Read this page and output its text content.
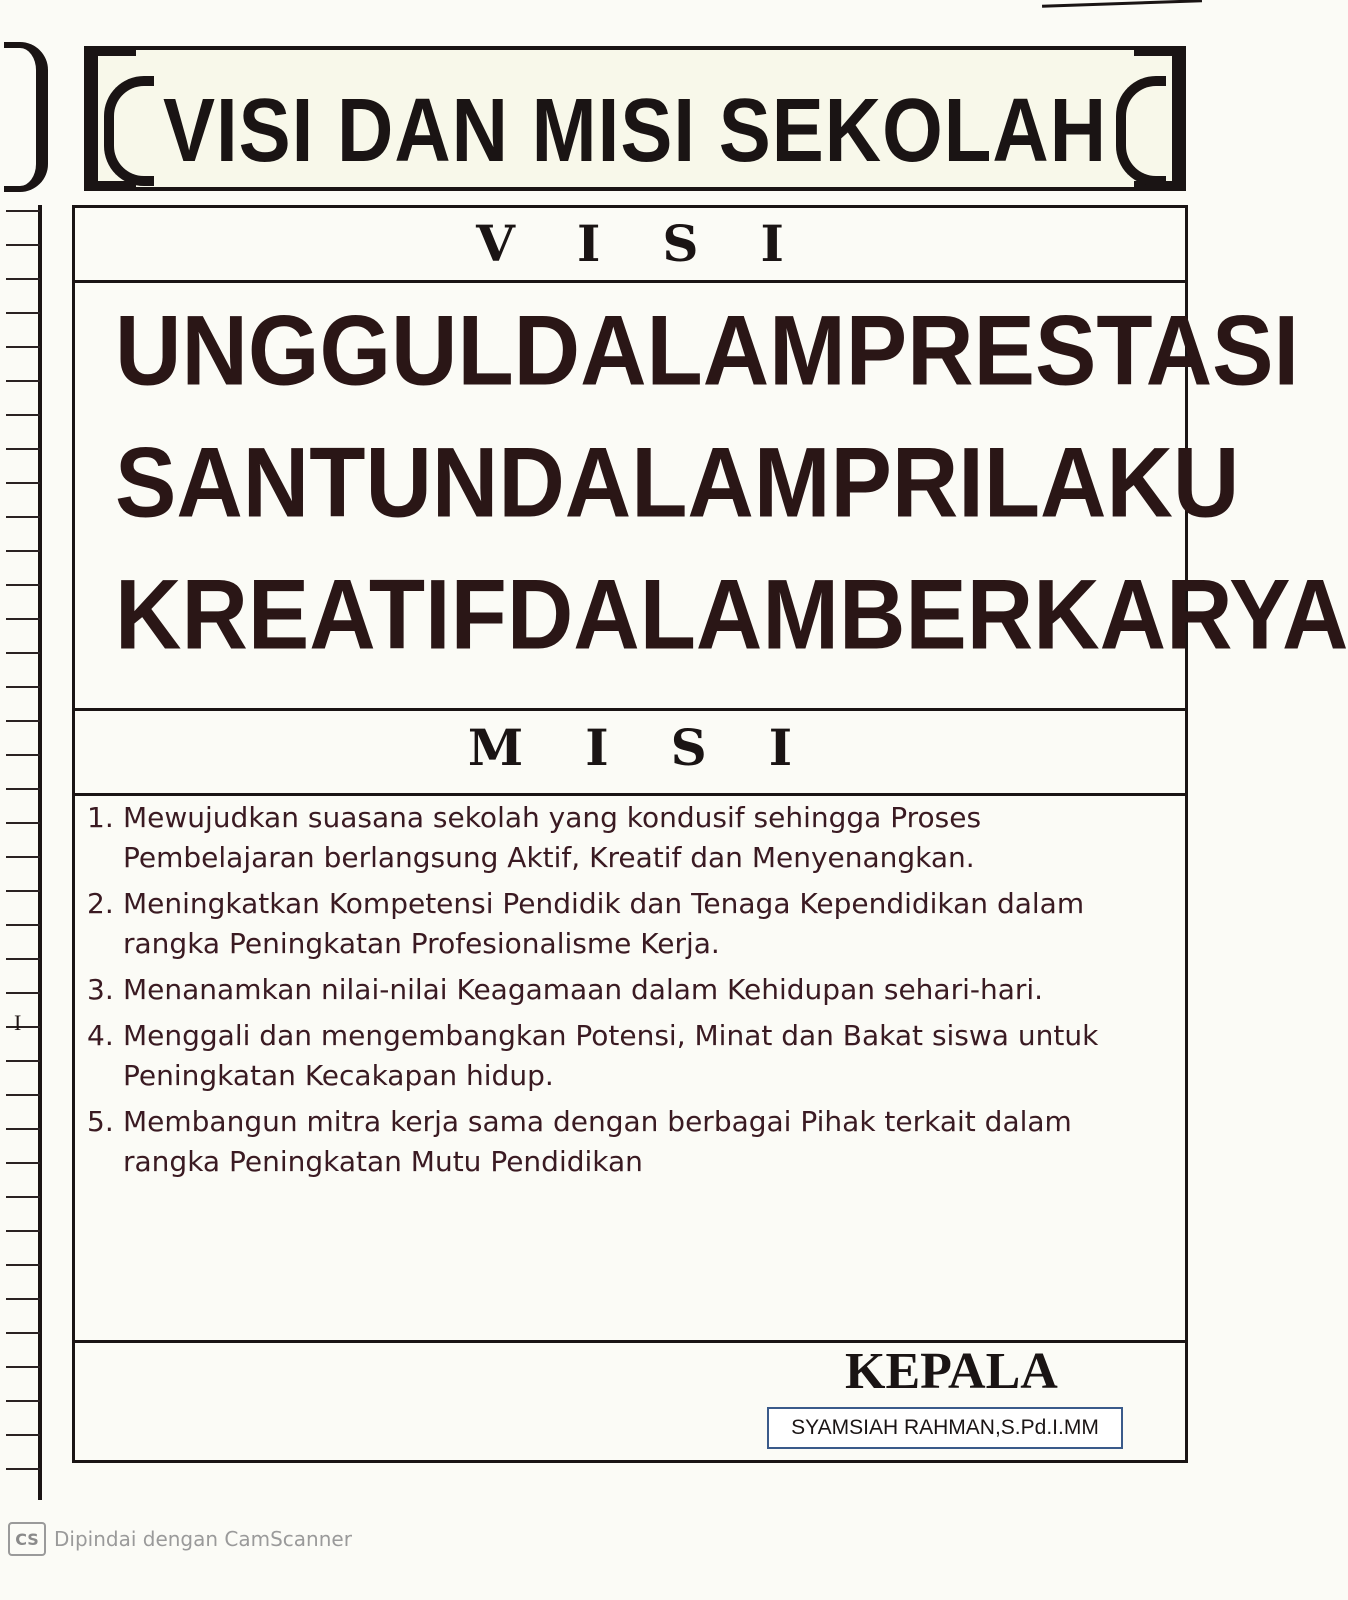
I
VISI DAN MISI SEKOLAH
VISI
UNGGUL DALAM PRESTASI
SANTUN DALAM PRILAKU
KREATIF DALAM BERKARYA
MISI
1. Mewujudkan suasana sekolah yang kondusif sehingga Proses Pembelajaran berlangsung Aktif, Kreatif dan Menyenangkan.
2. Meningkatkan Kompetensi Pendidik dan Tenaga Kependidikan dalam rangka Peningkatan Profesionalisme Kerja.
3. Menanamkan nilai-nilai Keagamaan dalam Kehidupan sehari-hari.
4. Menggali dan mengembangkan Potensi, Minat dan Bakat siswa untuk Peningkatan Kecakapan hidup.
5. Membangun mitra kerja sama dengan berbagai Pihak terkait dalam rangka Peningkatan Mutu Pendidikan
KEPALA
SYAMSIAH RAHMAN,S.Pd.I.MM
CS Dipindai dengan CamScanner
